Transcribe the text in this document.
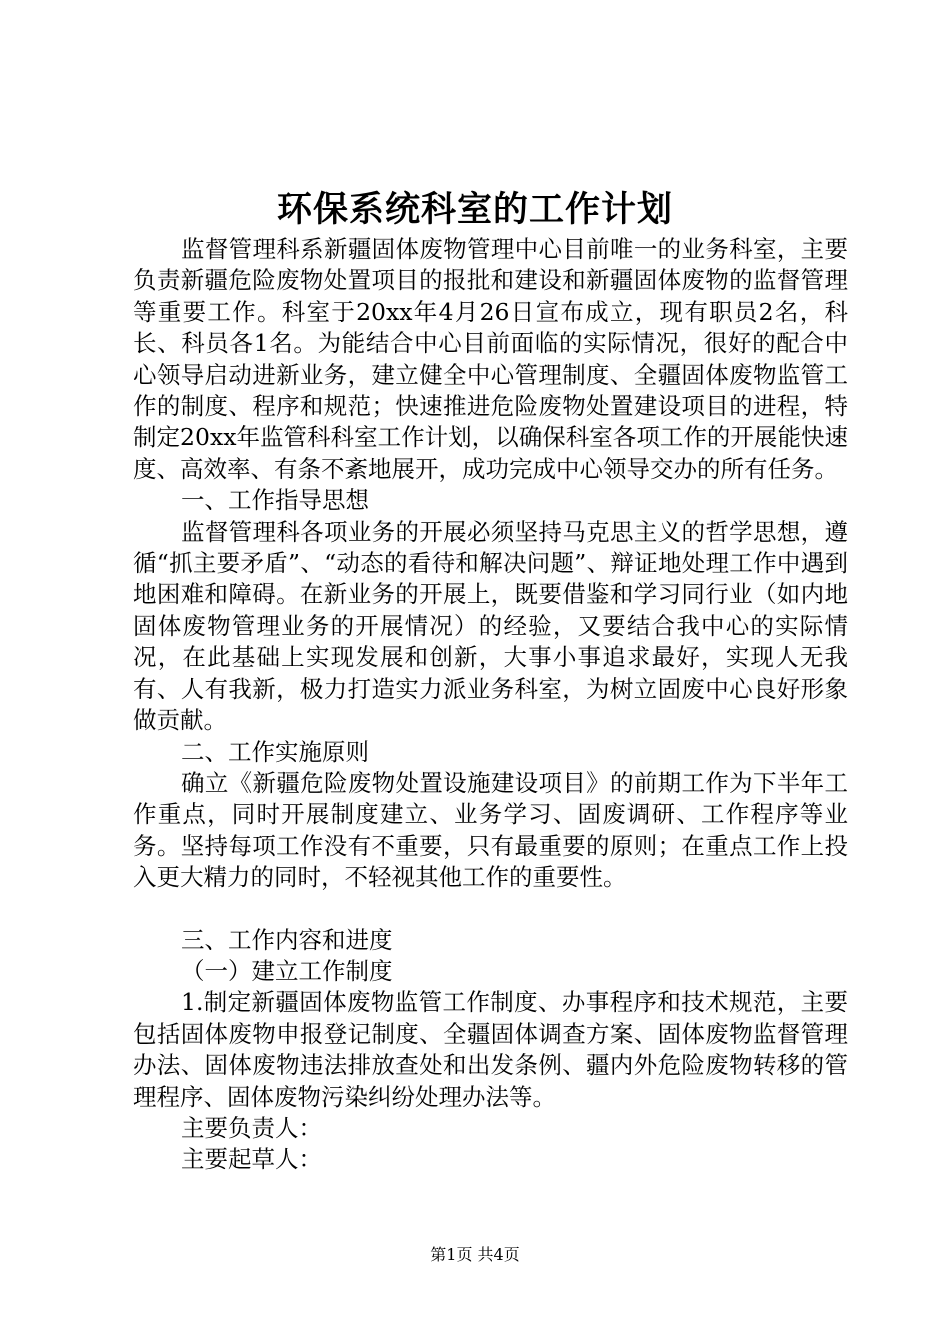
环保系统科室的工作计划

监督管理科系新疆固体废物管理中心目前唯一的业务科室，主要负责新疆危险废物处置项目的报批和建设和新疆固体废物的监督管理等重要工作。科室于20xx年4月26日宣布成立，现有职员2名，科长、科员各1名。为能结合中心目前面临的实际情况，很好的配合中心领导启动进新业务，建立健全中心管理制度、全疆固体废物监管工作的制度、程序和规范；快速推进危险废物处置建设项目的进程，特制定20xx年监管科科室工作计划，以确保科室各项工作的开展能快速度、高效率、有条不紊地展开，成功完成中心领导交办的所有任务。

一、工作指导思想

监督管理科各项业务的开展必须坚持马克思主义的哲学思想，遵循“抓主要矛盾”、“动态的看待和解决问题”、辩证地处理工作中遇到地困难和障碍。在新业务的开展上，既要借鉴和学习同行业（如内地固体废物管理业务的开展情况）的经验，又要结合我中心的实际情况，在此基础上实现发展和创新，大事小事追求最好，实现人无我有、人有我新，极力打造实力派业务科室，为树立固废中心良好形象做贡献。

二、工作实施原则

确立《新疆危险废物处置设施建设项目》的前期工作为下半年工作重点，同时开展制度建立、业务学习、固废调研、工作程序等业务。坚持每项工作没有不重要，只有最重要的原则；在重点工作上投入更大精力的同时，不轻视其他工作的重要性。

三、工作内容和进度

（一）建立工作制度

1.制定新疆固体废物监管工作制度、办事程序和技术规范，主要包括固体废物申报登记制度、全疆固体调查方案、固体废物监督管理办法、固体废物违法排放查处和出发条例、疆内外危险废物转移的管理程序、固体废物污染纠纷处理办法等。

主要负责人：

主要起草人：

第1页 共4页
